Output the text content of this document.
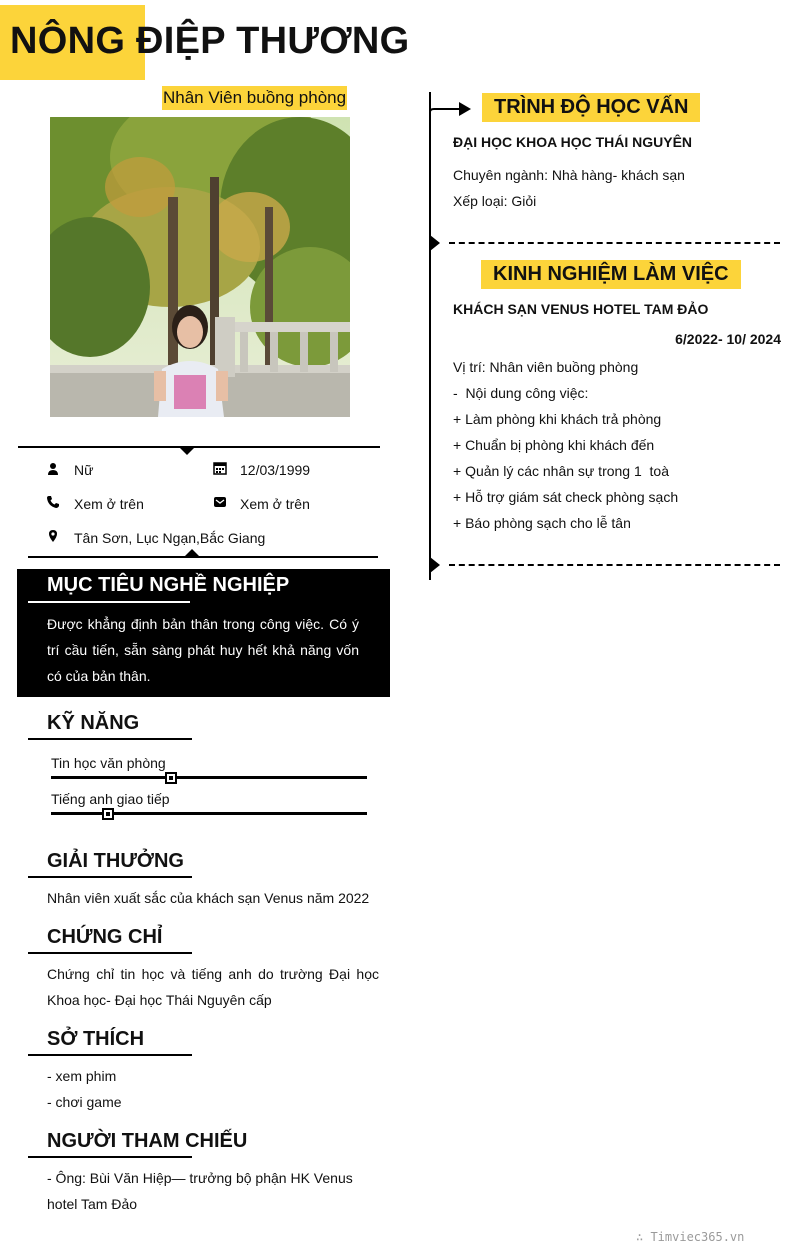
NÔNG ĐIỆP THƯƠNG
Nhân Viên buồng phòng
Nữ	12/03/1999
Xem ở trên	Xem ở trên
Tân Sơn, Lục Ngạn,Bắc Giang
MỤC TIÊU NGHỀ NGHIỆP
Được khẳng định bản thân trong công việc. Có ý trí cầu tiến, sẵn sàng phát huy hết khả năng vốn có của bản thân.
KỸ NĂNG
Tin học văn phòng
Tiếng anh giao tiếp
GIẢI THƯỞNG
Nhân viên xuất sắc của khách sạn Venus năm 2022
CHỨNG CHỈ
Chứng chỉ tin học và tiếng anh do trường Đại học Khoa học- Đại học Thái Nguyên cấp
SỞ THÍCH
- xem phim
- chơi game
NGƯỜI THAM CHIẾU
- Ông: Bùi Văn Hiệp— trưởng bộ phận HK Venus hotel Tam Đảo
TRÌNH ĐỘ HỌC VẤN
ĐẠI HỌC KHOA HỌC THÁI NGUYÊN
Chuyên ngành: Nhà hàng- khách sạn
Xếp loại: Giỏi
KINH NGHIỆM LÀM VIỆC
KHÁCH SẠN VENUS HOTEL TAM ĐẢO
6/2022- 10/ 2024
Vị trí: Nhân viên buồng phòng
-  Nội dung công việc:
+ Làm phòng khi khách trả phòng
+ Chuẩn bị phòng khi khách đến
+ Quản lý các nhân sự trong 1  toà
+ Hỗ trợ giám sát check phòng sạch
+ Báo phòng sạch cho lễ tân
∴ Timviec365.vn
